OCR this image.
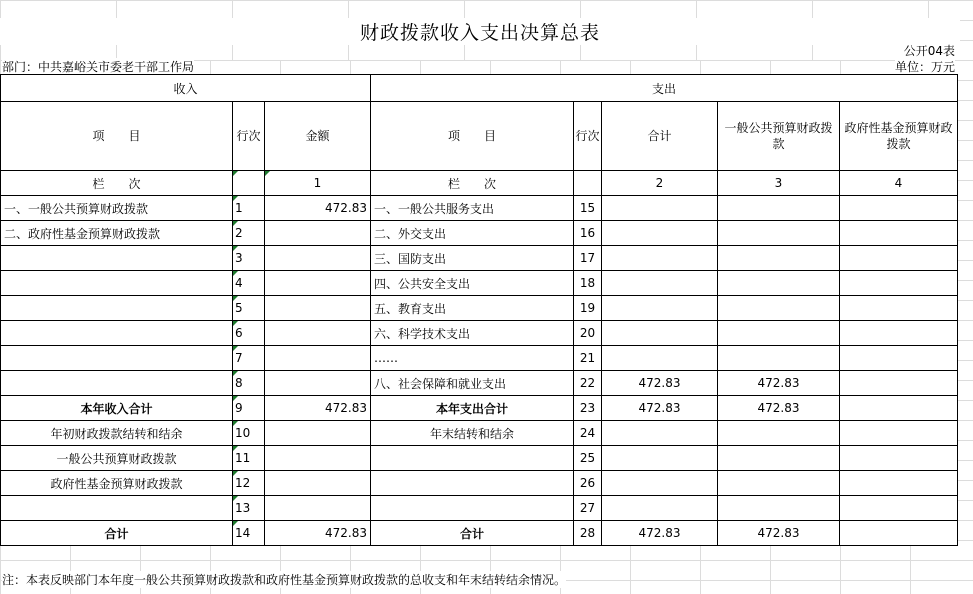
财政拨款收入支出决算总表
公开04表
部门：中共嘉峪关市委老干部工作局	单位：万元
收入			支出				
项　　目	行次	金额	项　　目	行次	合计	一般公共预算财政拨款	政府性基金预算财政拨款
栏　　次		1	栏　　次		2	3	4
一、一般公共预算财政拨款	1	472.83	一、一般公共服务支出	15			
二、政府性基金预算财政拨款	2		二、外交支出	16			
	3		三、国防支出	17			
	4		四、公共安全支出	18			
	5		五、教育支出	19			
	6		六、科学技术支出	20			
	7		……	21			
	8		八、社会保障和就业支出	22	472.83	472.83	
本年收入合计	9	472.83	本年支出合计	23	472.83	472.83	
年初财政拨款结转和结余	10		年末结转和结余	24			
一般公共预算财政拨款	11			25			
政府性基金预算财政拨款	12			26			
	13			27			
合计	14	472.83	合计	28	472.83	472.83	
注：本表反映部门本年度一般公共预算财政拨款和政府性基金预算财政拨款的总收支和年末结转结余情况。
